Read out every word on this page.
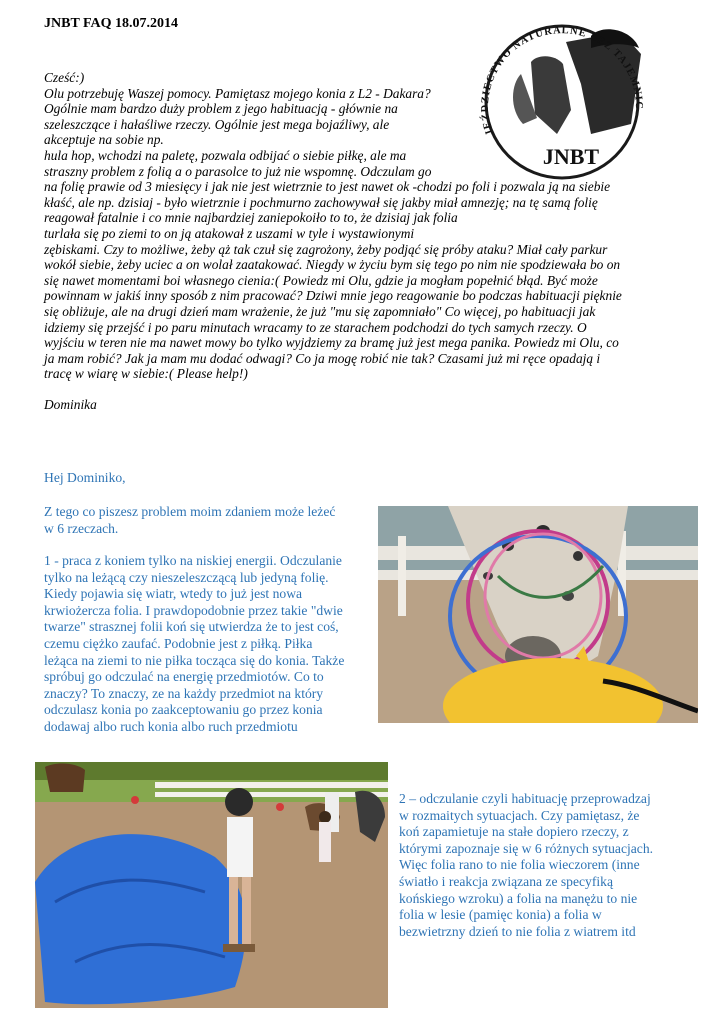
JNBT FAQ 18.07.2014
JNBT
JEŹDZIECTWO NATURALNE BEZ TAJEMNIC
Cześć:)
Olu potrzebuję Waszej pomocy. Pamiętasz mojego konia z L2 - Dakara?
Ogólnie mam bardzo duży problem z jego habituacją - głównie na
szeleszczące i hałaśliwe rzeczy. Ogólnie jest mega bojaźliwy, ale
akceptuje na sobie np.
hula hop, wchodzi na paletę, pozwala odbijać o siebie piłkę, ale ma
straszny problem z folią a o parasolce to już nie wspomnę. Odczulam go
na folię prawie od 3 miesięcy i jak nie jest wietrznie to jest nawet ok -chodzi po foli i pozwala ją na siebie
kłaść, ale np. dzisiaj - było wietrznie i pochmurno zachowywał się jakby miał amnezję; na tę samą folię
reagował fatalnie i co mnie najbardziej zaniepokoiło to to, że dzisiaj jak folia
turlała się po ziemi to on ją atakował z uszami w tyle i wystawionymi
zębiskami. Czy to możliwe, żeby ąż tak czuł się zagrożony, żeby podjąć się próby ataku? Miał cały parkur
wokół siebie, żeby uciec a on wolał zaatakować. Niegdy w życiu bym się tego po nim nie spodziewała bo on
się nawet momentami boi własnego cienia:( Powiedz mi Olu, gdzie ja mogłam popełnić błąd. Być może
powinnam w jakiś inny sposób z nim pracować? Dziwi mnie jego reagowanie bo podczas habituacji pięknie
się obliżuje, ale na drugi dzień mam wrażenie, że już "mu się zapomniało" Co więcej, po habituacji jak
idziemy się przejść i po paru minutach wracamy to ze starachem podchodzi do tych samych rzeczy. O
wyjściu w teren nie ma nawet mowy bo tylko wyjdziemy za bramę już jest mega panika. Powiedz mi Olu, co
ja mam robić? Jak ja mam mu dodać odwagi? Co ja mogę robić nie tak? Czasami już mi ręce opadają i
tracę w wiarę w siebie:( Please help!)
Dominika
Hej Dominiko,
Z tego co piszesz problem moim zdaniem może leżeć
w 6 rzeczach.
1 - praca z koniem tylko na niskiej energii. Odczulanie
tylko na leżącą czy nieszeleszczącą lub jedyną folię.
Kiedy pojawia się wiatr, wtedy to już jest nowa
krwiożercza folia. I prawdopodobnie przez takie "dwie
twarze" strasznej folii koń się utwierdza że to jest coś,
czemu ciężko zaufać. Podobnie jest z piłką. Piłka
leżąca na ziemi to nie piłka tocząca się do konia. Także
spróbuj go odczulać na energię przedmiotów. Co to
znaczy? To znaczy, ze na każdy przedmiot na który
odczulasz konia po zaakceptowaniu go przez konia
dodawaj albo ruch konia albo ruch przedmiotu
2 – odczulanie czyli habituację przeprowadzaj
w rozmaitych sytuacjach. Czy pamiętasz, że
koń zapamietuje na stałe dopiero rzeczy, z
którymi zapoznaje się w 6 różnych sytuacjach.
Więc folia rano to nie folia wieczorem (inne
światło i reakcja związana ze specyfiką
końskiego wzroku) a folia na manężu to nie
folia w lesie (pamięc konia) a folia w
bezwietrzny dzień to nie folia z wiatrem itd
